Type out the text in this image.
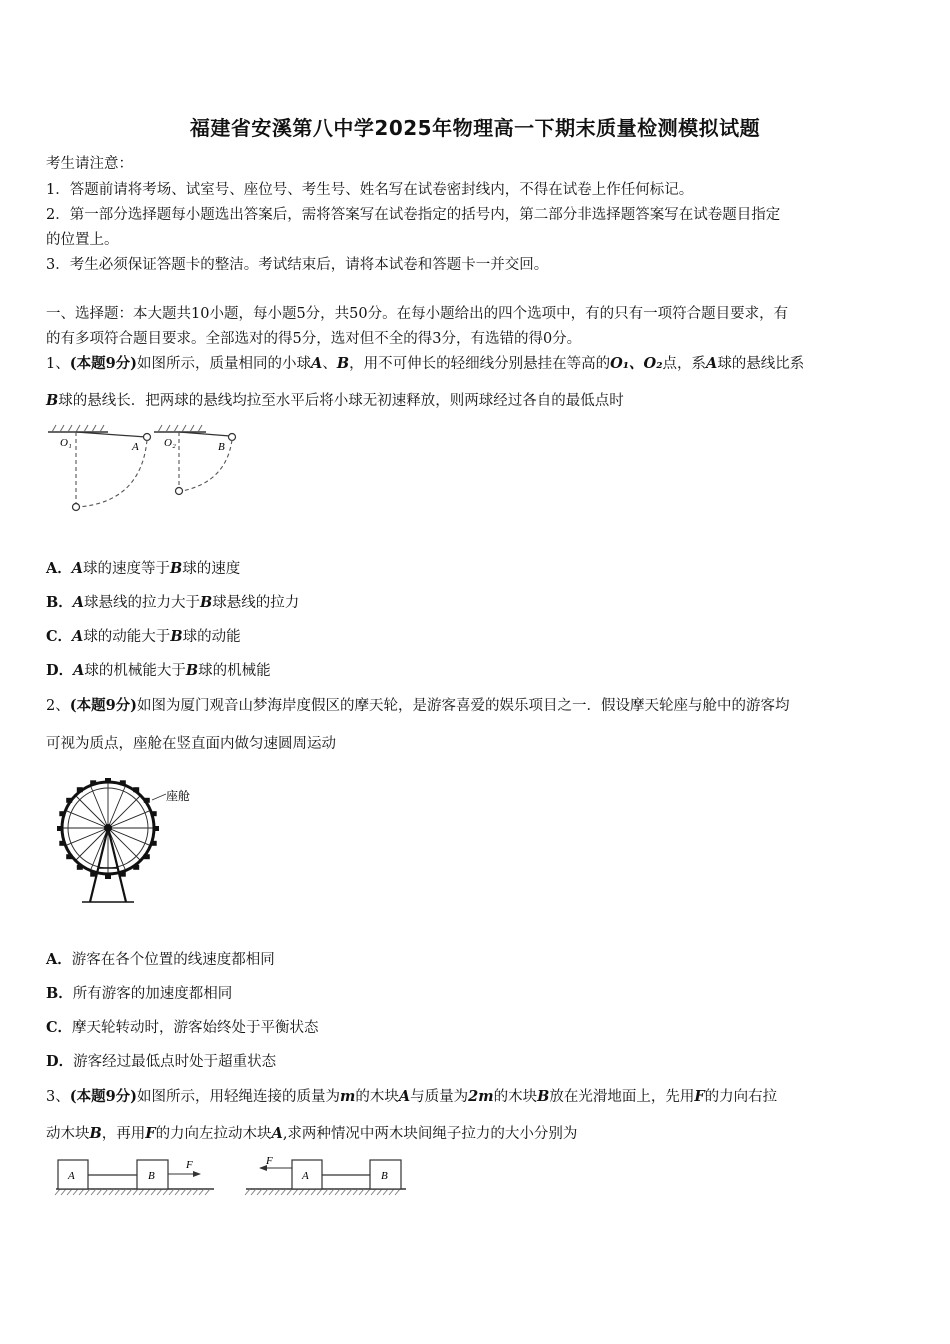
福建省安溪第八中学2025年物理高一下期末质量检测模拟试题
考生请注意：
1．答题前请将考场、试室号、座位号、考生号、姓名写在试卷密封线内，不得在试卷上作任何标记。
2．第一部分选择题每小题选出答案后，需将答案写在试卷指定的括号内，第二部分非选择题答案写在试卷题目指定
的位置上。
3．考生必须保证答题卡的整洁。考试结束后，请将本试卷和答题卡一并交回。
一、选择题：本大题共10小题，每小题5分，共50分。在每小题给出的四个选项中，有的只有一项符合题目要求，有
的有多项符合题目要求。全部选对的得5分，选对但不全的得3分，有选错的得0分。
1、(本题9分)如图所示，质量相同的小球A、B，用不可伸长的轻细线分别悬挂在等高的O₁、O₂点，系A球的悬线比系
B球的悬线长．把两球的悬线均拉至水平后将小球无初速释放，则两球经过各自的最低点时
O₁	A O₂	B
A．A球的速度等于B球的速度
B．A球悬线的拉力大于B球悬线的拉力
C．A球的动能大于B球的动能
D．A球的机械能大于B球的机械能
2、(本题9分)如图为厦门观音山梦海岸度假区的摩天轮，是游客喜爱的娱乐项目之一．假设摩天轮座与舱中的游客均
可视为质点，座舱在竖直面内做匀速圆周运动
座舱
A．游客在各个位置的线速度都相同
B．所有游客的加速度都相同
C．摩天轮转动时，游客始终处于平衡状态
D．游客经过最低点时处于超重状态
3、(本题9分)如图所示，用轻绳连接的质量为m的木块A与质量为2m的木块B放在光滑地面上，先用F的力向右拉
动木块B，再用F的力向左拉动木块A,求两种情况中两木块间绳子拉力的大小分别为
A	B
F
A	B
F
